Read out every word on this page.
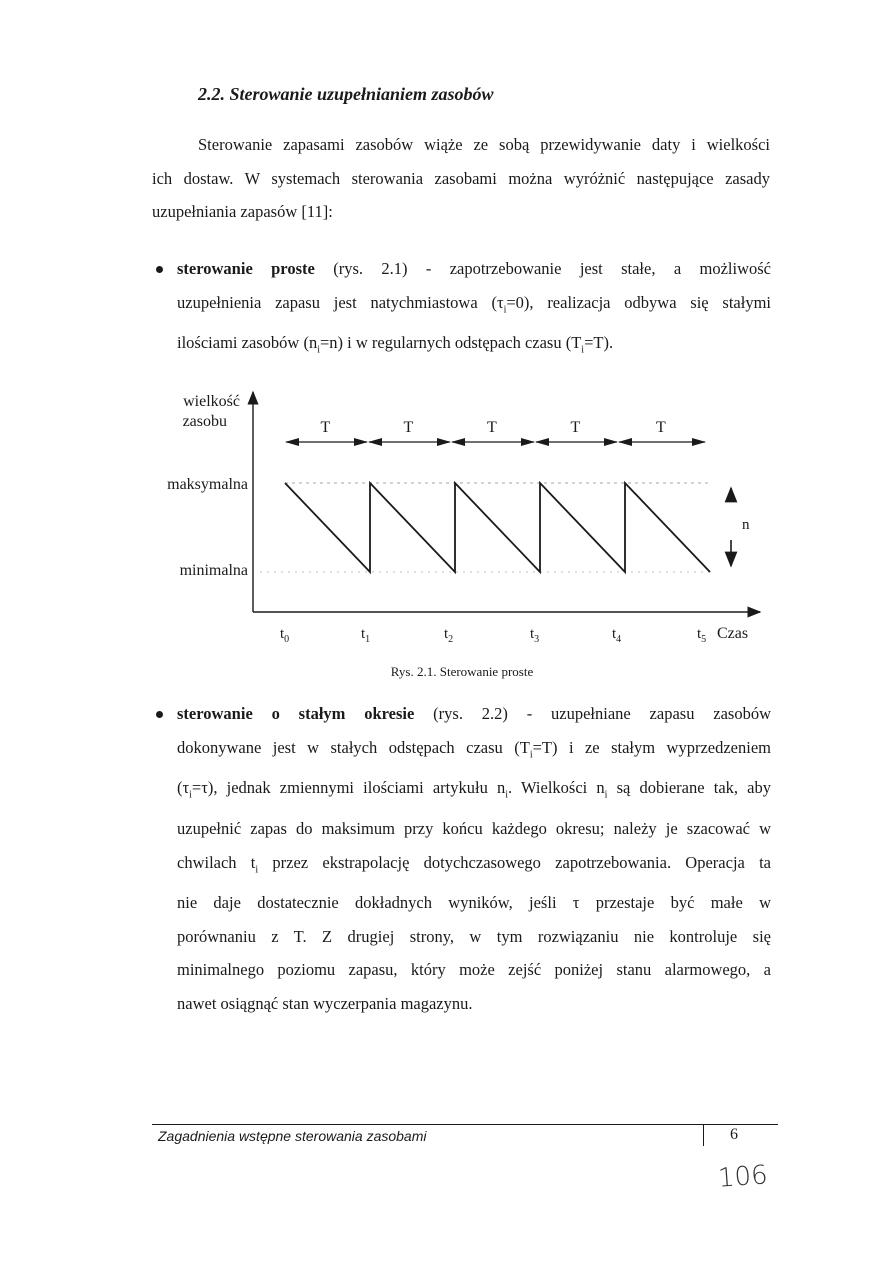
2.2. Sterowanie uzupełnianiem zasobów
Sterowanie zapasami zasobów wiąże ze sobą przewidywanie daty i wielkości
ich dostaw. W systemach sterowania zasobami można wyróżnić następujące zasady
uzupełniania zapasów [11]:
sterowanie proste (rys. 2.1) - zapotrzebowanie jest stałe, a możliwość
uzupełnienia zapasu jest natychmiastowa $(\tau_i=0)$, realizacja odbywa się stałymi
ilościami zasobów $(n_i=n)$ i w regularnych odstępach czasu $(T_i=T)$.
wielkość
zasobu
maksymalna
minimalna
T	T	T	T	T
n
$t_0$	$t_1$	$t_2$	$t_3$	$t_4$	$t_5$ Czas
Rys. 2.1. Sterowanie proste
sterowanie o stałym okresie (rys. 2.2) - uzupełniane zapasu zasobów
dokonywane jest w stałych odstępach czasu $(T_i=T)$ i ze stałym wyprzedzeniem
$(\tau_i=\tau)$, jednak zmiennymi ilościami artykułu $n_i$. Wielkości $n_i$ są dobierane tak, aby
uzupełnić zapas do maksimum przy końcu każdego okresu; należy je szacować w
chwilach $t_i$ przez ekstrapolację dotychczasowego zapotrzebowania. Operacja ta
nie daje dostatecznie dokładnych wyników, jeśli τ przestaje być małe w
porównaniu z T. Z drugiej strony, w tym rozwiązaniu nie kontroluje się
minimalnego poziomu zapasu, który może zejść poniżej stanu alarmowego, a
nawet osiągnąć stan wyczerpania magazynu.
Zagadnienia wstępne sterowania zasobami	6
106
